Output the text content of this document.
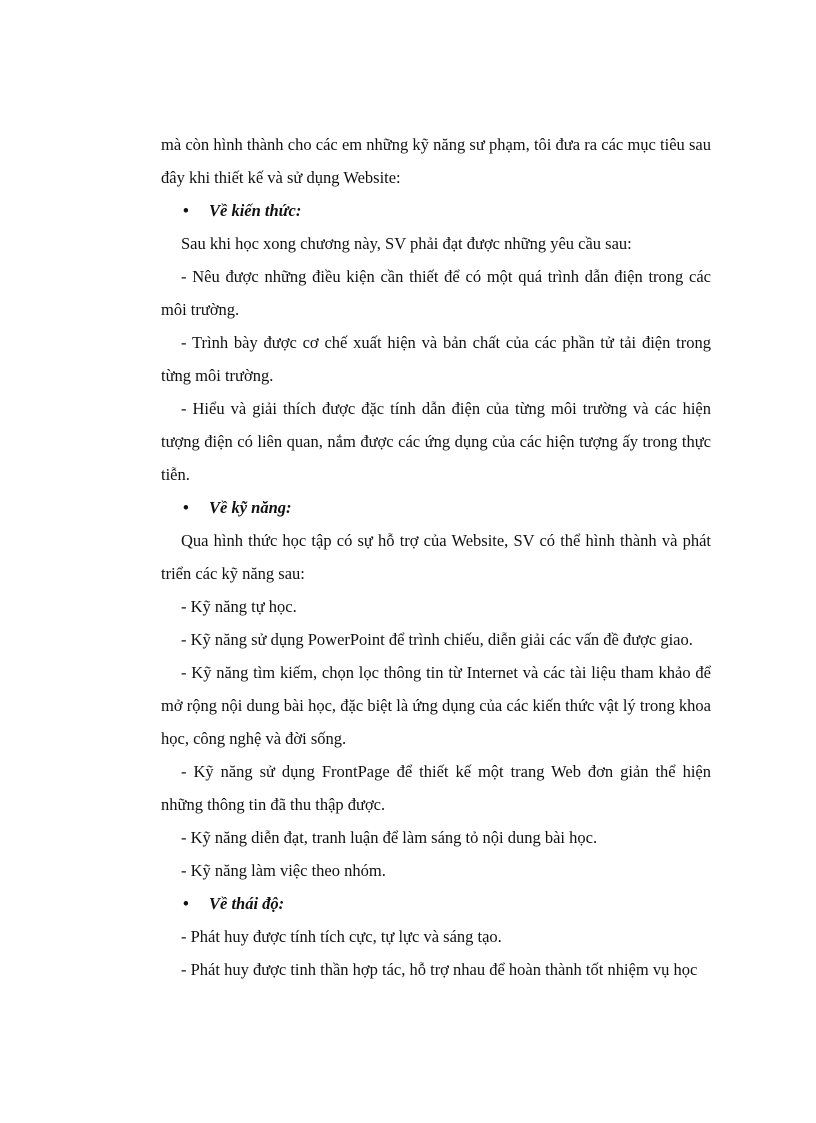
mà còn hình thành cho các em những kỹ năng sư phạm, tôi đưa ra các mục tiêu sau đây khi thiết kế và sử dụng Website:

• Về kiến thức:

Sau khi học xong chương này, SV phải đạt được những yêu cầu sau:

- Nêu được những điều kiện cần thiết để có một quá trình dẫn điện trong các môi trường.

- Trình bày được cơ chế xuất hiện và bản chất của các phần tử tải điện trong từng môi trường.

- Hiểu và giải thích được đặc tính dẫn điện của từng môi trường và các hiện tượng điện có liên quan, nắm được các ứng dụng của các hiện tượng ấy trong thực tiễn.

• Về kỹ năng:

Qua hình thức học tập có sự hỗ trợ của Website, SV có thể hình thành và phát triển các kỹ năng sau:

- Kỹ năng tự học.

- Kỹ năng sử dụng PowerPoint để trình chiếu, diễn giải các vấn đề được giao.

- Kỹ năng tìm kiếm, chọn lọc thông tin từ Internet và các tài liệu tham khảo để mở rộng nội dung bài học, đặc biệt là ứng dụng của các kiến thức vật lý trong khoa học, công nghệ và đời sống.

- Kỹ năng sử dụng FrontPage để thiết kế một trang Web đơn giản thể hiện những thông tin đã thu thập được.

- Kỹ năng diễn đạt, tranh luận để làm sáng tỏ nội dung bài học.

- Kỹ năng làm việc theo nhóm.

• Về thái độ:

- Phát huy được tính tích cực, tự lực và sáng tạo.

- Phát huy được tinh thần hợp tác, hỗ trợ nhau để hoàn thành tốt nhiệm vụ học
